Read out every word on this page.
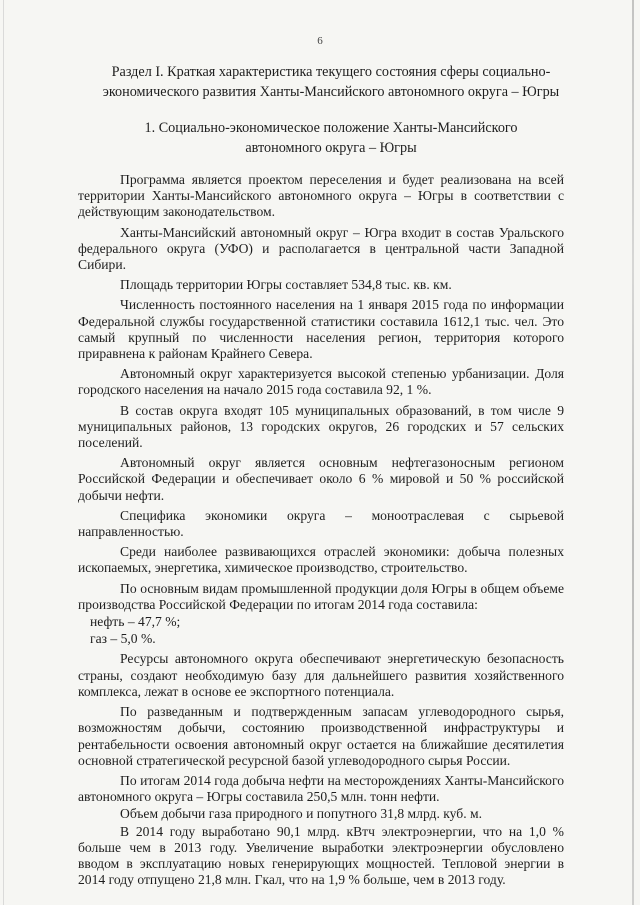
6
Раздел I. Краткая характеристика текущего состояния сферы социально-экономического развития Ханты-Мансийского автономного округа – Югры
1. Социально-экономическое положение Ханты-Мансийского автономного округа – Югры

Программа является проектом переселения и будет реализована на всей территории Ханты-Мансийского автономного округа – Югры в соответствии с действующим законодательством.

Ханты-Мансийский автономный округ – Югра входит в состав Уральского федерального округа (УФО) и располагается в центральной части Западной Сибири.

Площадь территории Югры составляет 534,8 тыс. кв. км.

Численность постоянного населения на 1 января 2015 года по информации Федеральной службы государственной статистики составила 1612,1 тыс. чел. Это самый крупный по численности населения регион, территория которого приравнена к районам Крайнего Севера.

Автономный округ характеризуется высокой степенью урбанизации. Доля городского населения на начало 2015 года составила 92, 1 %.

В состав округа входят 105 муниципальных образований, в том числе 9 муниципальных районов, 13 городских округов, 26 городских и 57 сельских поселений.

Автономный округ является основным нефтегазоносным регионом Российской Федерации и обеспечивает около 6 % мировой и 50 % российской добычи нефти.

Специфика экономики округа – моноотраслевая с сырьевой направленностью.

Среди наиболее развивающихся отраслей экономики: добыча полезных ископаемых, энергетика, химическое производство, строительство.

По основным видам промышленной продукции доля Югры в общем объеме производства Российской Федерации по итогам 2014 года составила:

нефть – 47,7 %;

газ – 5,0 %.

Ресурсы автономного округа обеспечивают энергетическую безопасность страны, создают необходимую базу для дальнейшего развития хозяйственного комплекса, лежат в основе ее экспортного потенциала.

По разведанным и подтвержденным запасам углеводородного сырья, возможностям добычи, состоянию производственной инфраструктуры и рентабельности освоения автономный округ остается на ближайшие десятилетия основной стратегической ресурсной базой углеводородного сырья России.

По итогам 2014 года добыча нефти на месторождениях Ханты-Мансийского автономного округа – Югры составила 250,5 млн. тонн нефти.

Объем добычи газа природного и попутного 31,8 млрд. куб. м.

В 2014 году выработано 90,1 млрд. кВтч электроэнергии, что на 1,0 % больше чем в 2013 году. Увеличение выработки электроэнергии обусловлено вводом в эксплуатацию новых генерирующих мощностей. Тепловой энергии в 2014 году отпущено 21,8 млн. Гкал, что на 1,9 % больше, чем в 2013 году.
